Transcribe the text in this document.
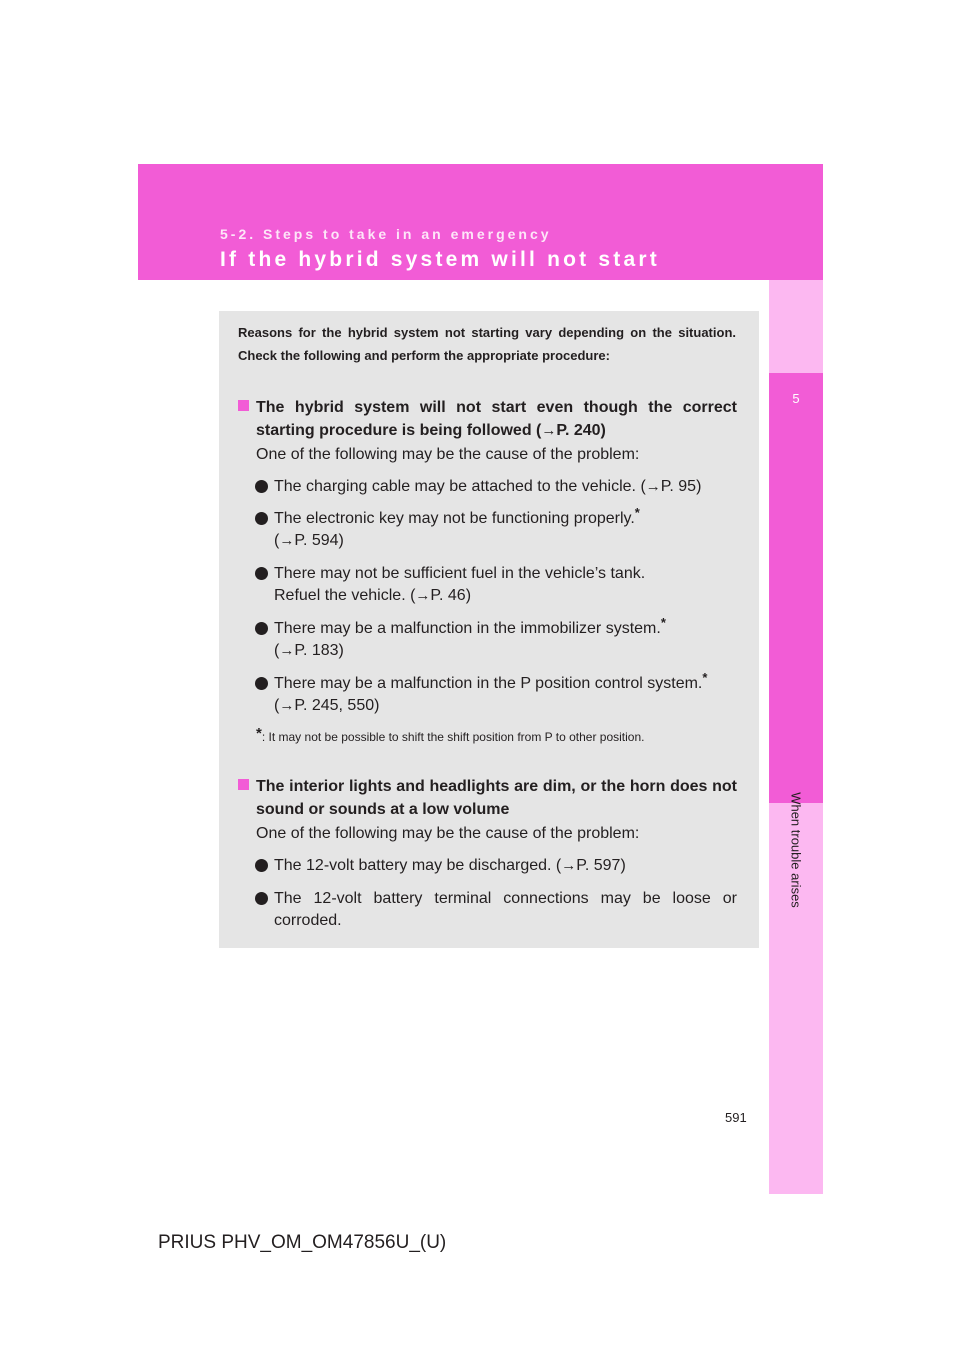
5-2. Steps to take in an emergency
If the hybrid system will not start
5
When trouble arises
Reasons for the hybrid system not starting vary depending on the situation. Check the following and perform the appropriate procedure:
The hybrid system will not start even though the correct starting procedure is being followed (→P. 240)
One of the following may be the cause of the problem:
The charging cable may be attached to the vehicle. (→P. 95)
The electronic key may not be functioning properly.*
(→P. 594)
There may not be sufficient fuel in the vehicle’s tank.
Refuel the vehicle. (→P. 46)
There may be a malfunction in the immobilizer system.*
(→P. 183)
There may be a malfunction in the P position control system.*
(→P. 245, 550)
*: It may not be possible to shift the shift position from P to other position.
The interior lights and headlights are dim, or the horn does not sound or sounds at a low volume
One of the following may be the cause of the problem:
The 12-volt battery may be discharged. (→P. 597)
The 12-volt battery terminal connections may be loose or corroded.
591
PRIUS PHV_OM_OM47856U_(U)
